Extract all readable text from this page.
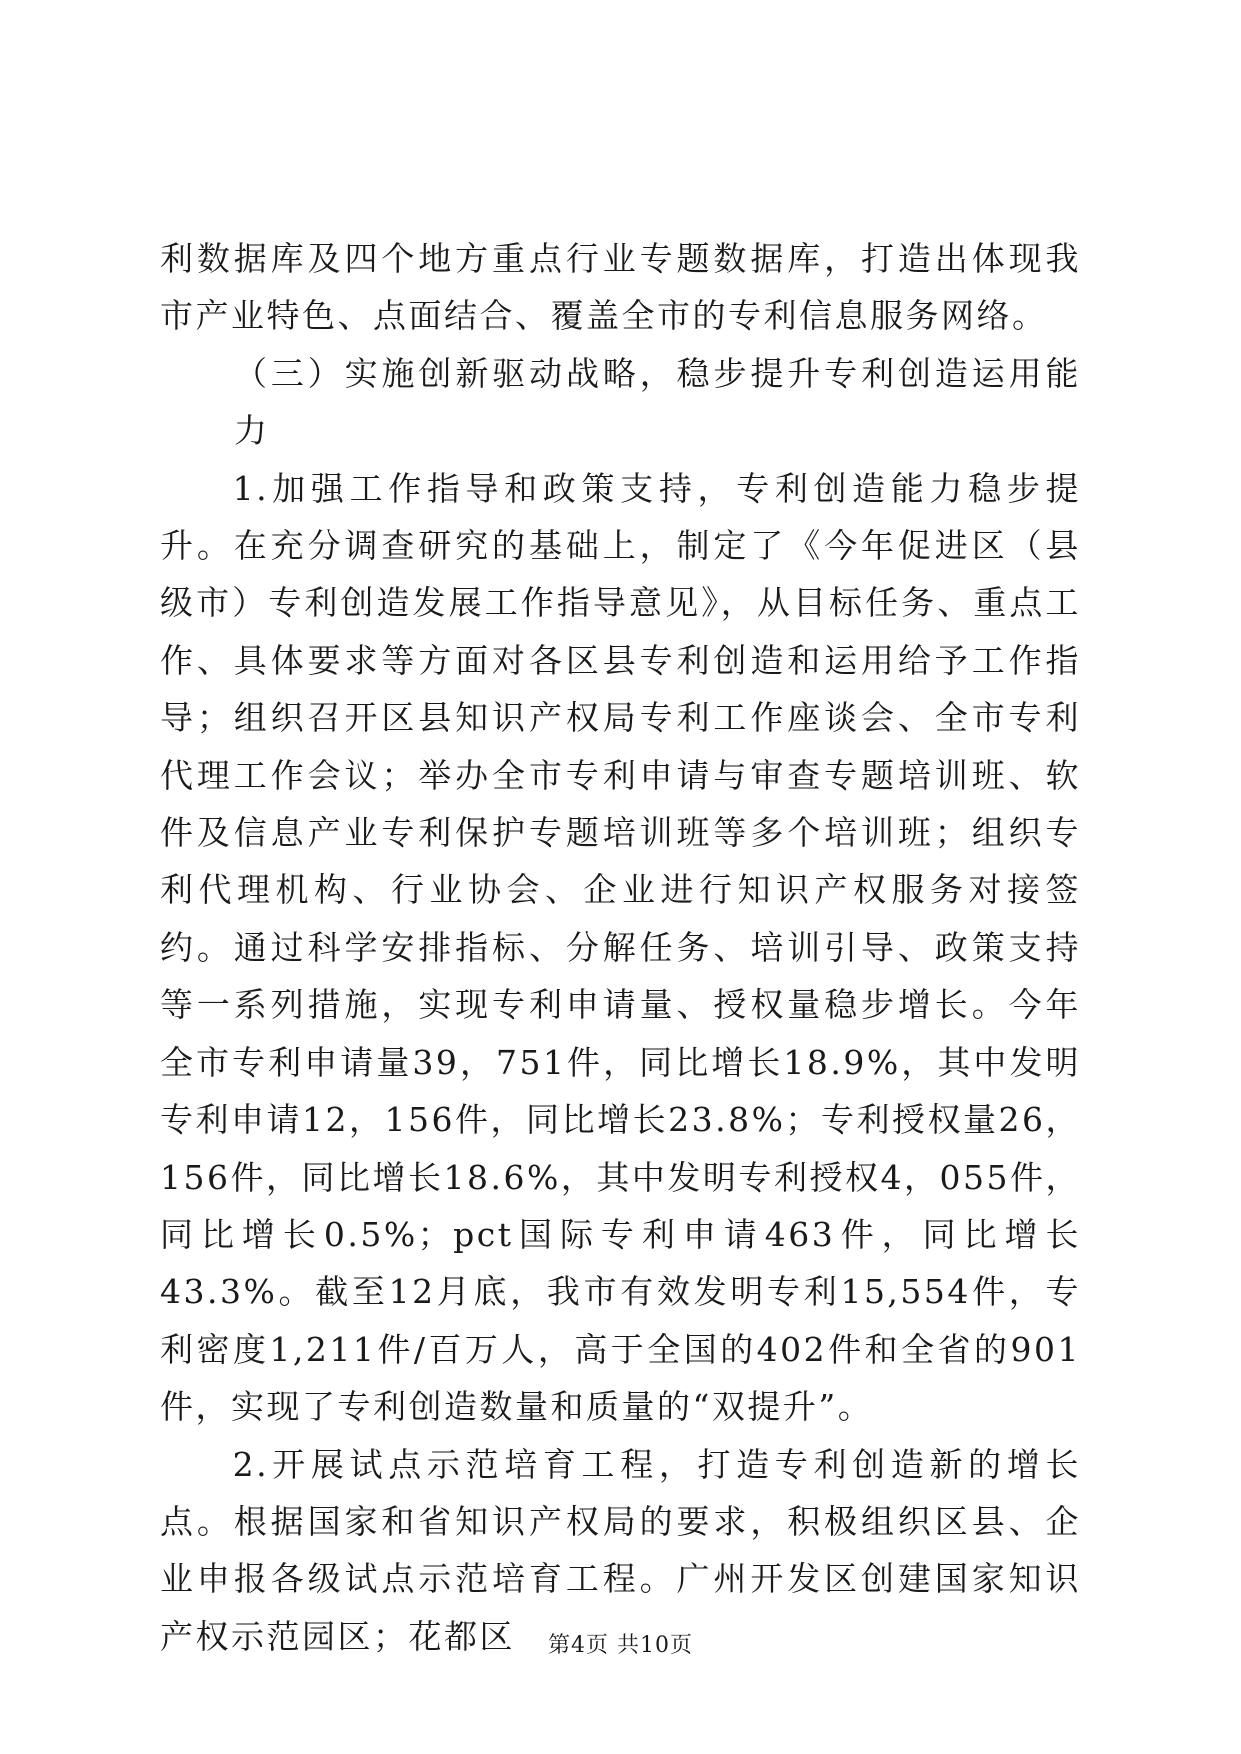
利数据库及四个地方重点行业专题数据库，打造出体现我市产业特色、点面结合、覆盖全市的专利信息服务网络。

（三）实施创新驱动战略，稳步提升专利创造运用能力

1.加强工作指导和政策支持，专利创造能力稳步提升。在充分调查研究的基础上，制定了《今年促进区（县级市）专利创造发展工作指导意见》，从目标任务、重点工作、具体要求等方面对各区县专利创造和运用给予工作指导；组织召开区县知识产权局专利工作座谈会、全市专利代理工作会议；举办全市专利申请与审查专题培训班、软件及信息产业专利保护专题培训班等多个培训班；组织专利代理机构、行业协会、企业进行知识产权服务对接签约。通过科学安排指标、分解任务、培训引导、政策支持等一系列措施，实现专利申请量、授权量稳步增长。今年全市专利申请量39，751件，同比增长18.9%，其中发明专利申请12，156件，同比增长23.8%；专利授权量26，156件，同比增长18.6%，其中发明专利授权4，055件，同比增长0.5%；pct国际专利申请463件，同比增长43.3%。截至12月底，我市有效发明专利15,554件，专利密度1,211件/百万人，高于全国的402件和全省的901件，实现了专利创造数量和质量的“双提升”。

2.开展试点示范培育工程，打造专利创造新的增长点。根据国家和省知识产权局的要求，积极组织区县、企业申报各级试点示范培育工程。广州开发区创建国家知识产权示范园区；花都区	第4页 共10页
